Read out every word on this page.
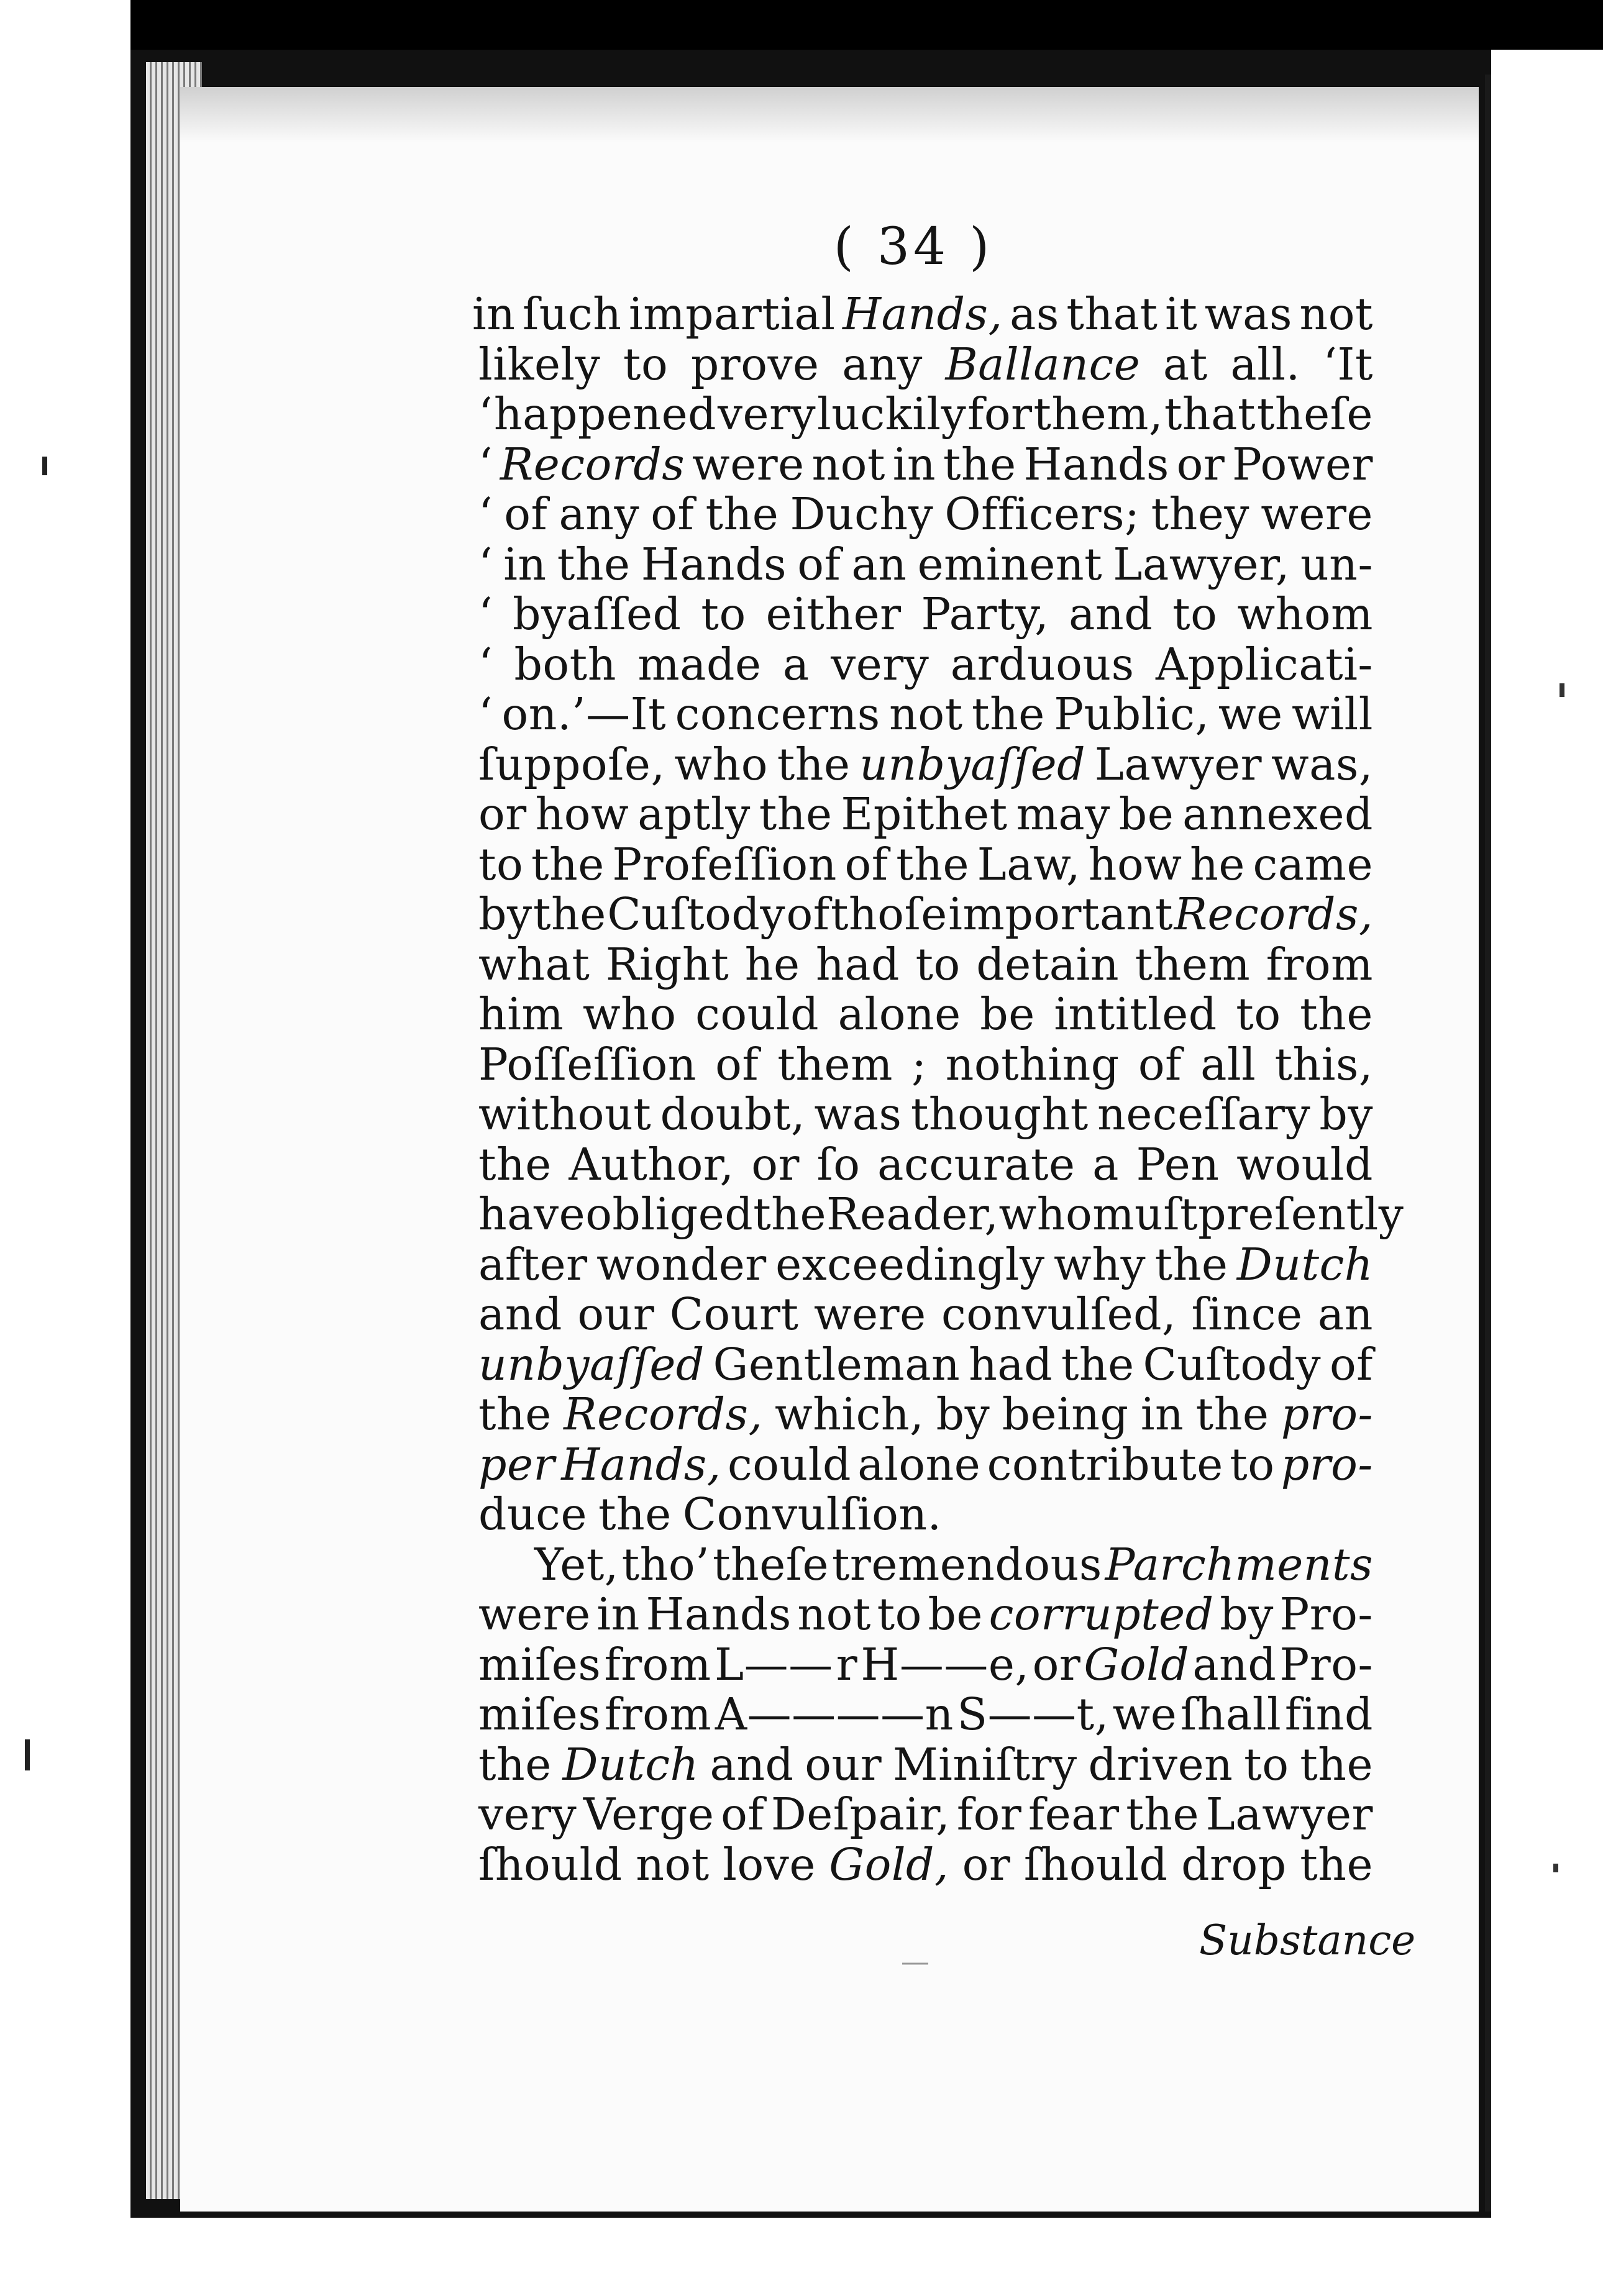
( 34 )
in ſuch impartial Hands, as that it was not
likely to prove any Ballance at all. ‘It
‘ happened very luckily for them, that theſe
‘ Records were not in the Hands or Power
‘ of any of the Duchy Officers; they were
‘ in the Hands of an eminent Lawyer, un-
‘ byaſſed to either Party, and to whom
‘ both made a very arduous Applicati-
‘ on.’—It concerns not the Public, we will
ſuppoſe, who the unbyaſſed Lawyer was,
or how aptly the Epithet may be annexed
to the Profeſſion of the Law, how he came
by the Cuſtody of thoſe important Records,
what Right he had to detain them from
him who could alone be intitled to the
Poſſeſſion of them ; nothing of all this,
without doubt, was thought neceſſary by
the Author, or ſo accurate a Pen would
have obliged the Reader, who muſt preſently
after wonder exceedingly why the Dutch
and our Court were convulſed, ſince an
unbyaſſed Gentleman had the Cuſtody of
the Records, which, by being in the pro-
per Hands, could alone contribute to pro-
duce the Convulſion.
Yet, tho’ theſe tremendous Parchments
were in Hands not to be corrupted by Pro-
miſes from L—— r H——e, or Gold and Pro-
miſes from A————n S——t, we ſhall find
the Dutch and our Miniſtry driven to the
very Verge of Deſpair, for fear the Lawyer
ſhould not love Gold, or ſhould drop the
Substance
—
